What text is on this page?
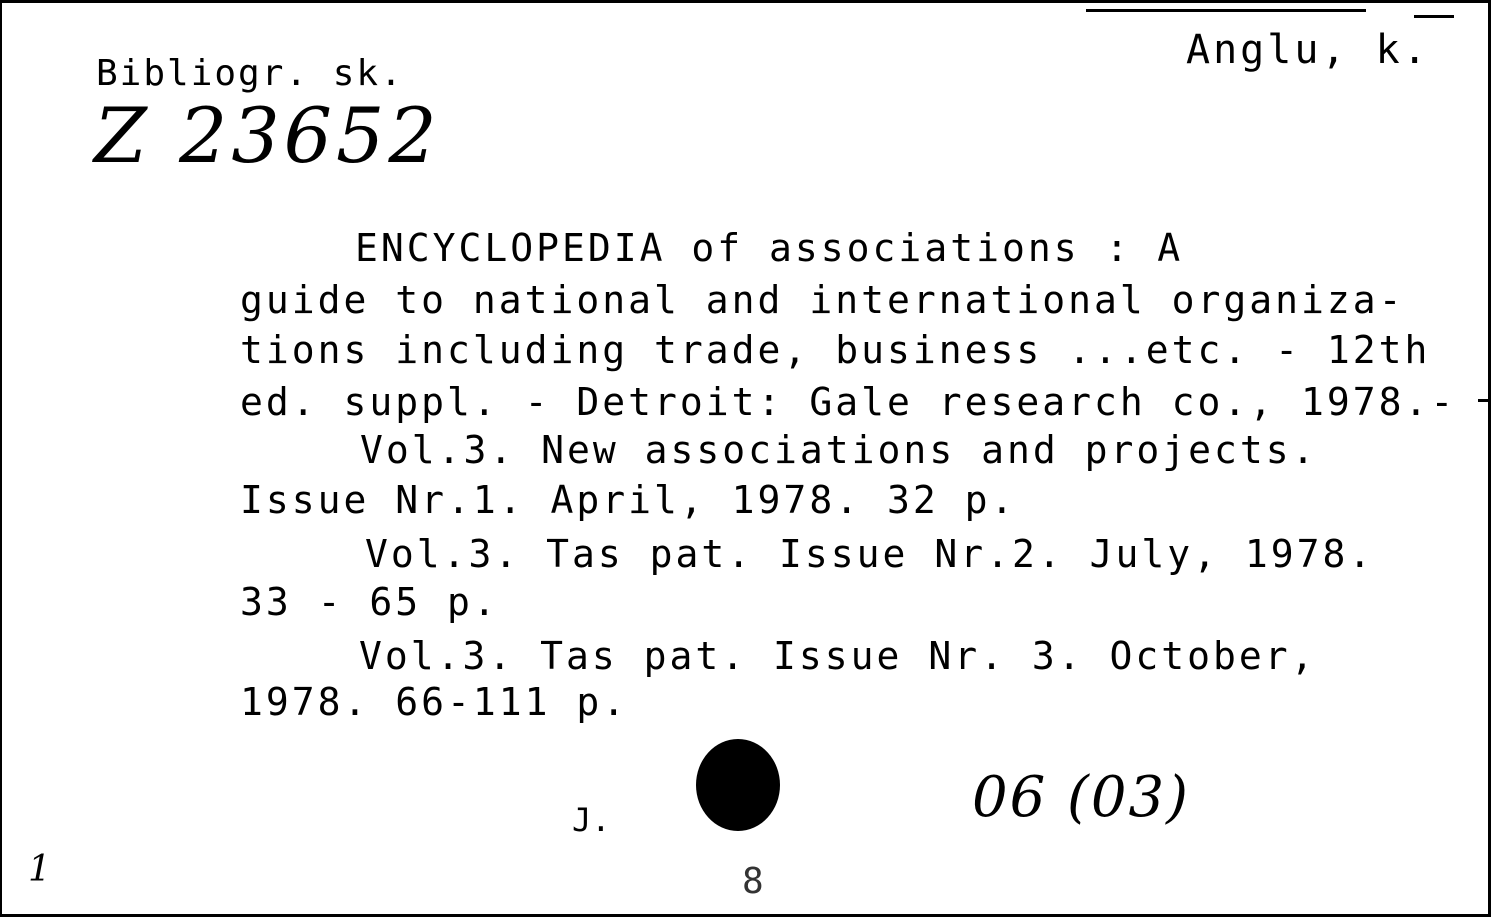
Bibliogr. sk.
Z 23652
Anglu, k.
ENCYCLOPEDIA of associations : A
guide to national and international organiza-
tions including trade, business ...etc. - 12th
ed. suppl. - Detroit: Gale research co., 1978.-
Vol.3. New associations and projects.
Issue Nr.1. April, 1978. 32 p.
Vol.3. Tas pat. Issue Nr.2. July, 1978.
33 - 65 p.
Vol.3. Tas pat. Issue Nr. 3. October,
1978. 66-111 p.
J.	06 (03)
8
1
